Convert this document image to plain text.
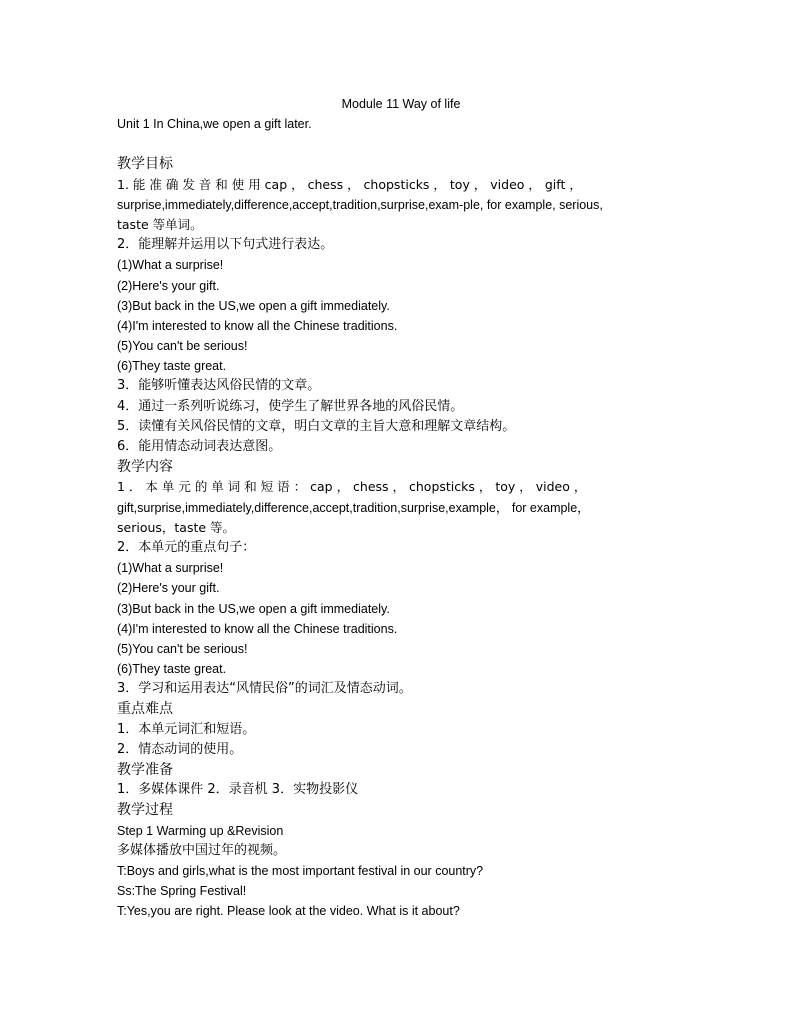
Module 11 Way of life
Unit 1 In China,we open a gift later.
教学目标
1. 能 准 确 发 音 和 使 用 cap ， chess ， chopsticks ， toy ， video ， gift ，
surprise,immediately,difference,accept,tradition,surprise,exam-ple, for example, serious,
taste 等单词。
2．能理解并运用以下句式进行表达。
(1)What a surprise!
(2)Here's your gift.
(3)But back in the US,we open a gift immediately.
(4)I'm interested to know all the Chinese traditions.
(5)You can't be serious!
(6)They taste great.
3．能够听懂表达风俗民情的文章。
4．通过一系列听说练习，使学生了解世界各地的风俗民情。
5．读懂有关风俗民情的文章，明白文章的主旨大意和理解文章结构。
6．能用情态动词表达意图。
教学内容
1 ． 本 单 元 的 单 词 和 短 语 ： cap ， chess ， chopsticks ， toy ， video ，
gift,surprise,immediately,difference,accept,tradition,surprise,example， for example，
serious，taste 等。
2．本单元的重点句子：
(1)What a surprise!
(2)Here's your gift.
(3)But back in the US,we open a gift immediately.
(4)I'm interested to know all the Chinese traditions.
(5)You can't be serious!
(6)They taste great.
3．学习和运用表达“风情民俗”的词汇及情态动词。
重点难点
1．本单元词汇和短语。
2．情态动词的使用。
教学准备
1．多媒体课件 2．录音机 3．实物投影仪
教学过程
Step 1 Warming up &Revision
多媒体播放中国过年的视频。
T:Boys and girls,what is the most important festival in our country?
Ss:The Spring Festival!
T:Yes,you are right. Please look at the video. What is it about?
